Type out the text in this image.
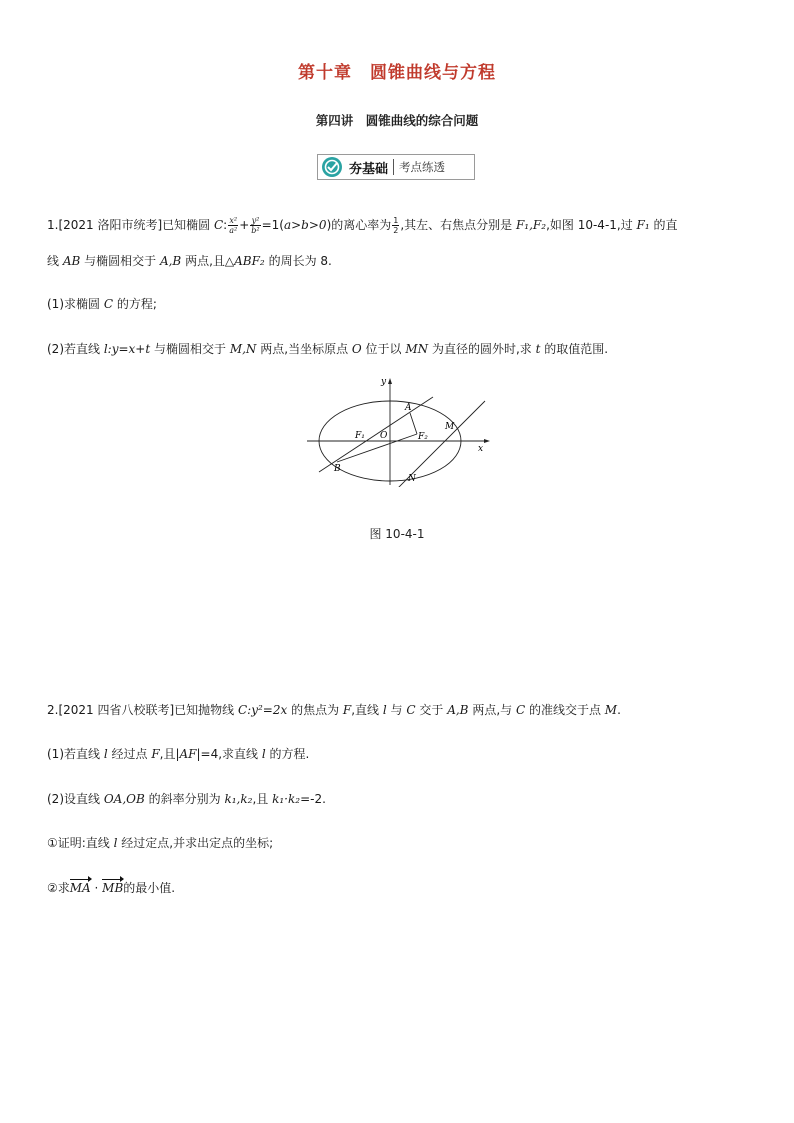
第十章　圆锥曲线与方程
第四讲　圆锥曲线的综合问题
夯基础 考点练透
1.[2021 洛阳市统考]已知椭圆 C: $\frac{\text{x²}}{\text{a²}} + \frac{\text{y²}}{\text{b²}} =1(a>b>0)$的离心率为 $\frac{1}{2}$ ,其左、右焦点分别是 F₁,F₂,如图 10-4-1,过 F₁ 的直
线 AB 与椭圆相交于 A,B 两点,且△ABF₂ 的周长为 8.
(1)求椭圆 C 的方程;
(2)若直线 l:y=x+t 与椭圆相交于 M,N 两点,当坐标原点 O 位于以 MN 为直径的圆外时,求 t 的取值范围.
y
x
A
M
F₁ O	F₂
B
N
图 10-4-1
2.[2021 四省八校联考]已知抛物线 C:y²=2x 的焦点为 F,直线 l 与 C 交于 A,B 两点,与 C 的准线交于点 M.
(1)若直线 l 经过点 F,且|AF|=4,求直线 l 的方程.
(2)设直线 OA,OB 的斜率分别为 k₁,k₂,且 k₁·k₂=-2.
①证明:直线 l 经过定点,并求出定点的坐标;
②求MA · MB的最小值.
